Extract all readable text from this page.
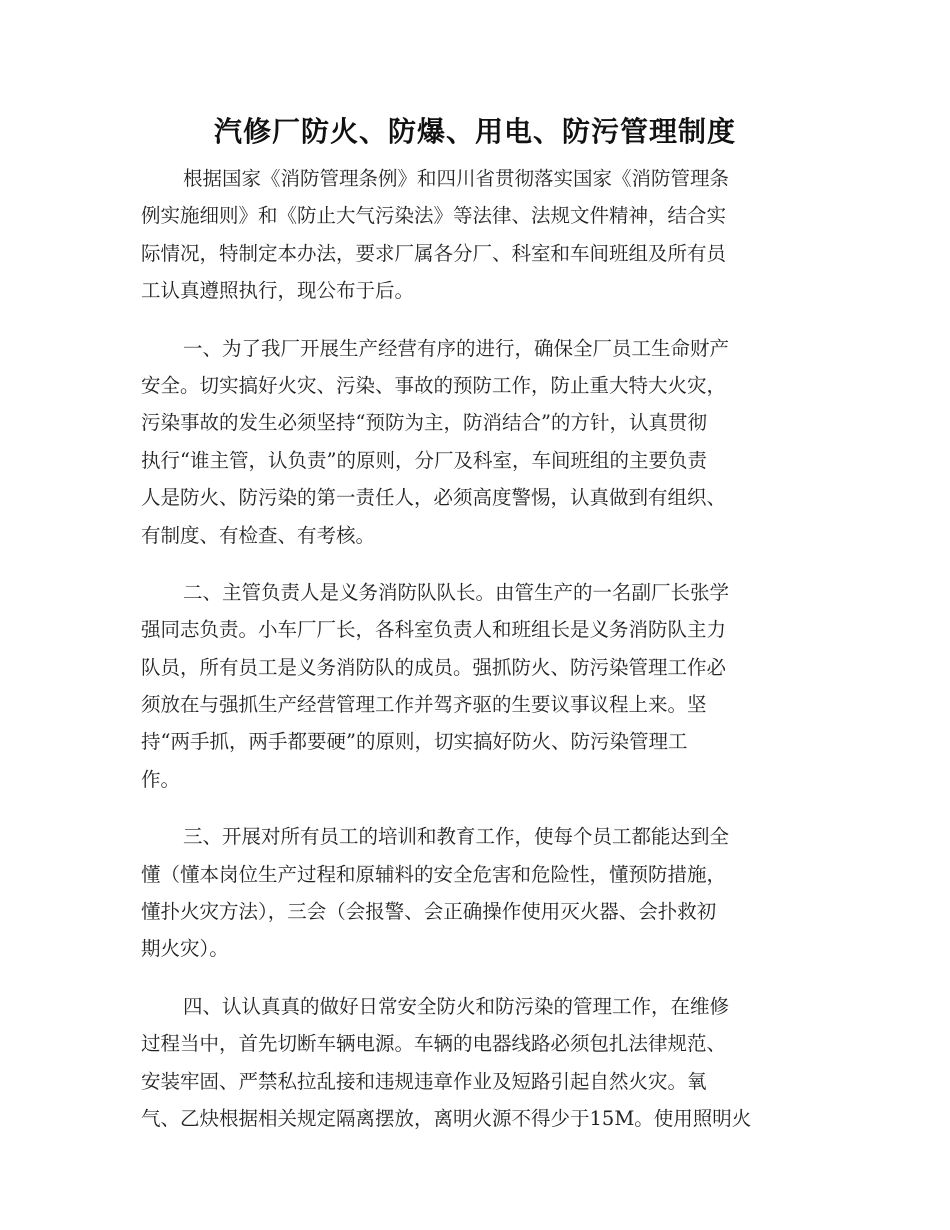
汽修厂防火、防爆、用电、防污管理制度
根据国家《消防管理条例》和四川省贯彻落实国家《消防管理条
例实施细则》和《防止大气污染法》等法律、法规文件精神，结合实
际情况，特制定本办法，要求厂属各分厂、科室和车间班组及所有员
工认真遵照执行，现公布于后。
一、为了我厂开展生产经营有序的进行，确保全厂员工生命财产
安全。切实搞好火灾、污染、事故的预防工作，防止重大特大火灾，
污染事故的发生必须坚持“预防为主，防消结合”的方针，认真贯彻
执行“谁主管，认负责”的原则，分厂及科室，车间班组的主要负责
人是防火、防污染的第一责任人，必须高度警惕，认真做到有组织、
有制度、有检查、有考核。
二、主管负责人是义务消防队队长。由管生产的一名副厂长张学
强同志负责。小车厂厂长，各科室负责人和班组长是义务消防队主力
队员，所有员工是义务消防队的成员。强抓防火、防污染管理工作必
须放在与强抓生产经营管理工作并驾齐驱的生要议事议程上来。坚
持“两手抓，两手都要硬”的原则，切实搞好防火、防污染管理工
作。
三、开展对所有员工的培训和教育工作，使每个员工都能达到全
懂（懂本岗位生产过程和原辅料的安全危害和危险性，懂预防措施，
懂扑火灾方法），三会（会报警、会正确操作使用灭火器、会扑救初
期火灾）。
四、认认真真的做好日常安全防火和防污染的管理工作，在维修
过程当中，首先切断车辆电源。车辆的电器线路必须包扎法律规范、
安装牢固、严禁私拉乱接和违规违章作业及短路引起自然火灾。氧
气、乙炔根据相关规定隔离摆放，离明火源不得少于15M。使用照明火
